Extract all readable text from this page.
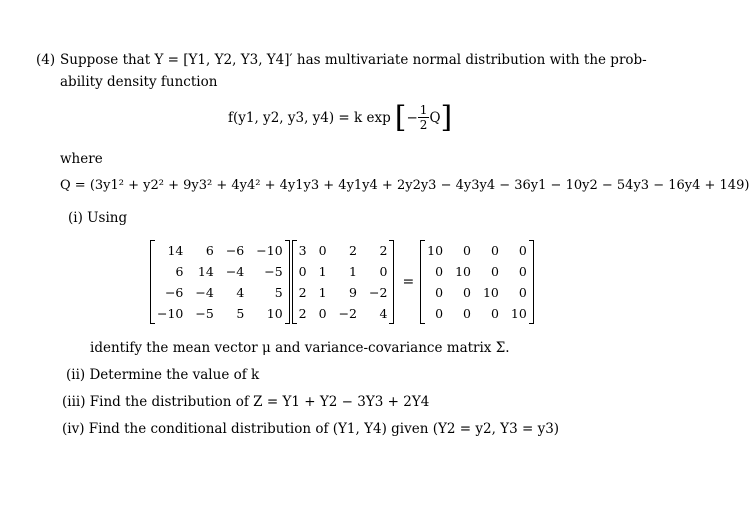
(4) Suppose that Y = [Y1, Y2, Y3, Y4]′ has multivariate normal distribution with the prob-
ability density function
f(y1, y2, y3, y4) = k exp [ − $\frac{1}{2}$ Q ]
where
Q = (3y1² + y2² + 9y3² + 4y4² + 4y1y3 + 4y1y4 + 2y2y3 − 4y3y4 − 36y1 − 10y2 − 54y3 − 16y4 + 149)
(i) Using
14	6	−6	−10
6	14	−4	−5
−6	−4	4	5
−10	−5	5	10
3	0	2	2
0	1	1	0
2	1	9	−2
2	0	−2	4
=
10	0	0	0
0	10	0	0
0	0	10	0
0	0	0	10
identify the mean vector μ and variance-covariance matrix Σ.
(ii) Determine the value of k
(iii) Find the distribution of Z = Y1 + Y2 − 3Y3 + 2Y4
(iv) Find the conditional distribution of (Y1, Y4) given (Y2 = y2, Y3 = y3)
